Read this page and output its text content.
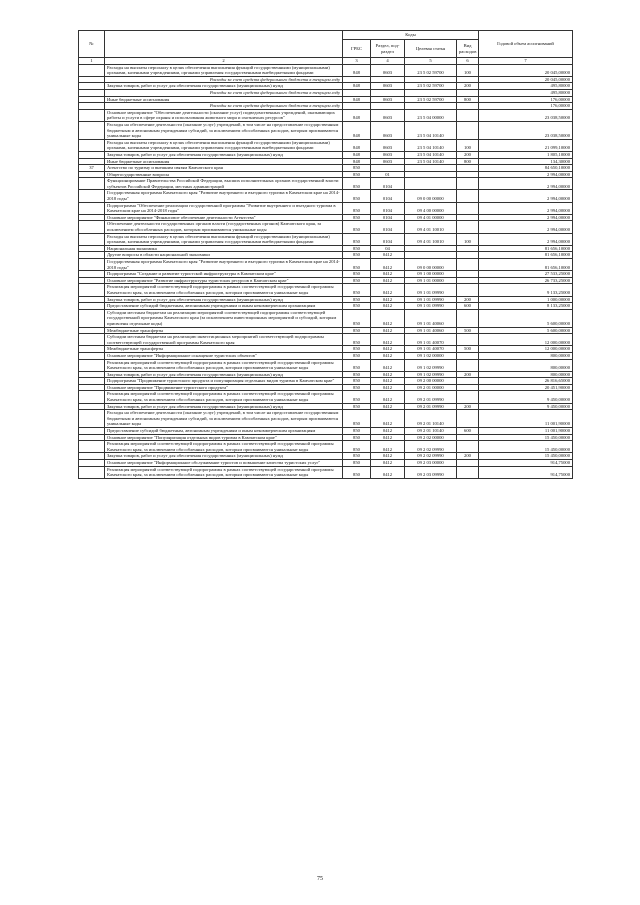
№		Коды				Годовой объем ассигнований
		ГРБС	Раздел, под-раздел	Целевая статья	Вид расходов	
1	2	3	4	5	6	7
	Расходы на выплаты персоналу в целях обеспечения выполнения функций государственными (муниципальными) органами, казенными учреждениями, органами управления государственными внебюджетными фондами	848	0603	23 5 02 59700	100	20 045,00000
	Расходы за счет средств федерального бюджета в текущем году					20 045,00000
	Закупка товаров, работ и услуг для обеспечения государственных (муниципальных) нужд	848	0603	23 5 02 59700	200	495,80000
	Расходы за счет средств федерального бюджета в текущем году					495,80000
	Иные бюджетные ассигнования	848	0603	23 5 02 59700	800	176,00000
	Расходы за счет средств федерального бюджета в текущем году					176,00000
	Основное мероприятие "Обеспечение деятельности (оказание услуг) подведомственных учреждений, оказывающих работы и услуги в сфере охраны и использования животного мира и охотничьих ресурсов"	848	0603	23 5 04 00000		23 038,50000
	Расходы на обеспечение деятельности (оказание услуг) учреждений, в том числе на предоставление государственным бюджетным и автономным учреждениям субсидий, за исключением обособленных расходов, которым присваиваются уникальные коды	848	0603	23 5 04 10140		23 038,50000
	Расходы на выплаты персоналу в целях обеспечения выполнения функций государственными (муниципальными) органами, казенными учреждениями, органами управления государственными внебюджетными фондами	848	0603	23 5 04 10140	100	21 099,10000
	Закупка товаров, работ и услуг для обеспечения государственных (муниципальных) нужд	848	0603	23 5 04 10140	200	1 805,10000
	Иные бюджетные ассигнования	848	0603	23 5 04 10140	800	134,30000
37	Агентство по туризму и внешним связям Камчатского края	850				84 650,10000
	Общегосударственные вопросы	850	01			2 994,00000
	Функционирование Правительства Российской Федерации, высших исполнительных органов государственной власти субъектов Российской Федерации, местных администраций	850	0104			2 994,00000
	Государственная программа Камчатского края "Развитие внутреннего и въездного туризма в Камчатском крае на 2014-2018 годы"	850	0104	09 0 00 00000		2 994,00000
	Подпрограмма "Обеспечение реализации государственной программы "Развитие внутреннего и въездного туризма в Камчатском крае на 2014-2018 годы"	850	0104	09 4 00 00000		2 994,00000
	Основное мероприятие "Финансовое обеспечение деятельности Агентства"	850	0104	09 4 01 00000		2 994,00000
	Обеспечение деятельности государственных органов власти (государственных органов) Камчатского края, за исключением обособленных расходов, которым присваиваются уникальные коды	850	0104	09 4 01 10010		2 994,00000
	Расходы на выплаты персоналу в целях обеспечения выполнения функций государственными (муниципальными) органами, казенными учреждениями, органами управления государственными внебюджетными фондами	850	0104	09 4 01 10010	100	2 994,00000
	Национальная экономика	850	04			81 656,10000
	Другие вопросы в области национальной экономики	850	0412			81 656,10000
	Государственная программа Камчатского края "Развитие внутреннего и въездного туризма в Камчатском крае на 2014-2018 годы"	850	0412	09 0 00 00000		81 656,10000
	Подпрограмма "Создание и развитие туристской инфраструктуры в Камчатском крае"	850	0412	09 1 00 00000		27 533,25000
	Основное мероприятие "Развитие инфраструктуры туристских ресурсов в Камчатском крае"	850	0412	09 1 01 00000		26 733,25000
	Реализация мероприятий соответствующей подпрограммы в рамках соответствующей государственной программы Камчатского края, за исключением обособленных расходов, которым присваиваются уникальные коды	850	0412	09 1 01 09990		9 133,25000
	Закупка товаров, работ и услуг для обеспечения государственных (муниципальных) нужд	850	0412	09 1 01 09990	200	1 000,00000
	Предоставление субсидий бюджетным, автономным учреждениям и иным некоммерческим организациям	850	0412	09 1 01 09990	600	8 133,25000
	Субсидии местным бюджетам на реализацию мероприятий соответствующей подпрограммы соответствующей государственной программы Камчатского края (за исключением инвестиционных мероприятий и субсидий, которым присвоены отдельные коды)	850	0412	09 1 01 40060		5 600,00000
	Межбюджетные трансферты	850	0412	09 1 01 40060	500	5 600,00000
	Субсидии местным бюджетам на реализацию инвестиционных мероприятий соответствующей подпрограммы соответствующей государственной программы Камчатского края	850	0412	09 1 01 40070		12 000,00000
	Межбюджетные трансферты	850	0412	09 1 01 40070	500	12 000,00000
	Основное мероприятие "Информационное оснащение туристских объектов"	850	0412	09 1 02 00000		800,00000
	Реализация мероприятий соответствующей подпрограммы в рамках соответствующей государственной программы Камчатского края, за исключением обособленных расходов, которым присваиваются уникальные коды	850	0412	09 1 02 09990		800,00000
	Закупка товаров, работ и услуг для обеспечения государственных (муниципальных) нужд	850	0412	09 1 02 09990	200	800,00000
	Подпрограмма "Продвижение туристского продукта и популяризация отдельных видов туризма в Камчатском крае"	850	0412	09 2 00 00000		26 816,65000
	Основное мероприятие "Продвижение туристского продукта"	850	0412	09 2 01 00000		20 451,90000
	Реализация мероприятий соответствующей подпрограммы в рамках соответствующей государственной программы Камчатского края, за исключением обособленных расходов, которым присваиваются уникальные коды	850	0412	09 2 01 09990		9 450,00000
	Закупка товаров, работ и услуг для обеспечения государственных (муниципальных) нужд	850	0412	09 2 01 09990	200	9 450,00000
	Расходы на обеспечение деятельности (оказание услуг) учреждений, в том числе на предоставление государственным бюджетным и автономным учреждениям субсидий, за исключением обособленных расходов, которым присваиваются уникальные коды	850	0412	09 2 01 10140		11 001,90000
	Предоставление субсидий бюджетным, автономным учреждениям и иным некоммерческим организациям	850	0412	09 2 01 10140	600	11 001,90000
	Основное мероприятие "Популяризация отдельных видов туризма в Камчатском крае"	850	0412	09 2 02 00000		15 450,00000
	Реализация мероприятий соответствующей подпрограммы в рамках соответствующей государственной программы Камчатского края, за исключением обособленных расходов, которым присваиваются уникальные коды	850	0412	09 2 02 09990		15 450,00000
	Закупка товаров, работ и услуг для обеспечения государственных (муниципальных) нужд	850	0412	09 2 02 09990	200	15 450,00000
	Основное мероприятие "Информационное обслуживание туристов и повышение качества туристских услуг"	850	0412	09 2 03 00000		914,75000
	Реализация мероприятий соответствующей подпрограммы в рамках соответствующей государственной программы Камчатского края, за исключением обособленных расходов, которым присваиваются уникальные коды	850	0412	09 2 03 09990		914,75000
75
